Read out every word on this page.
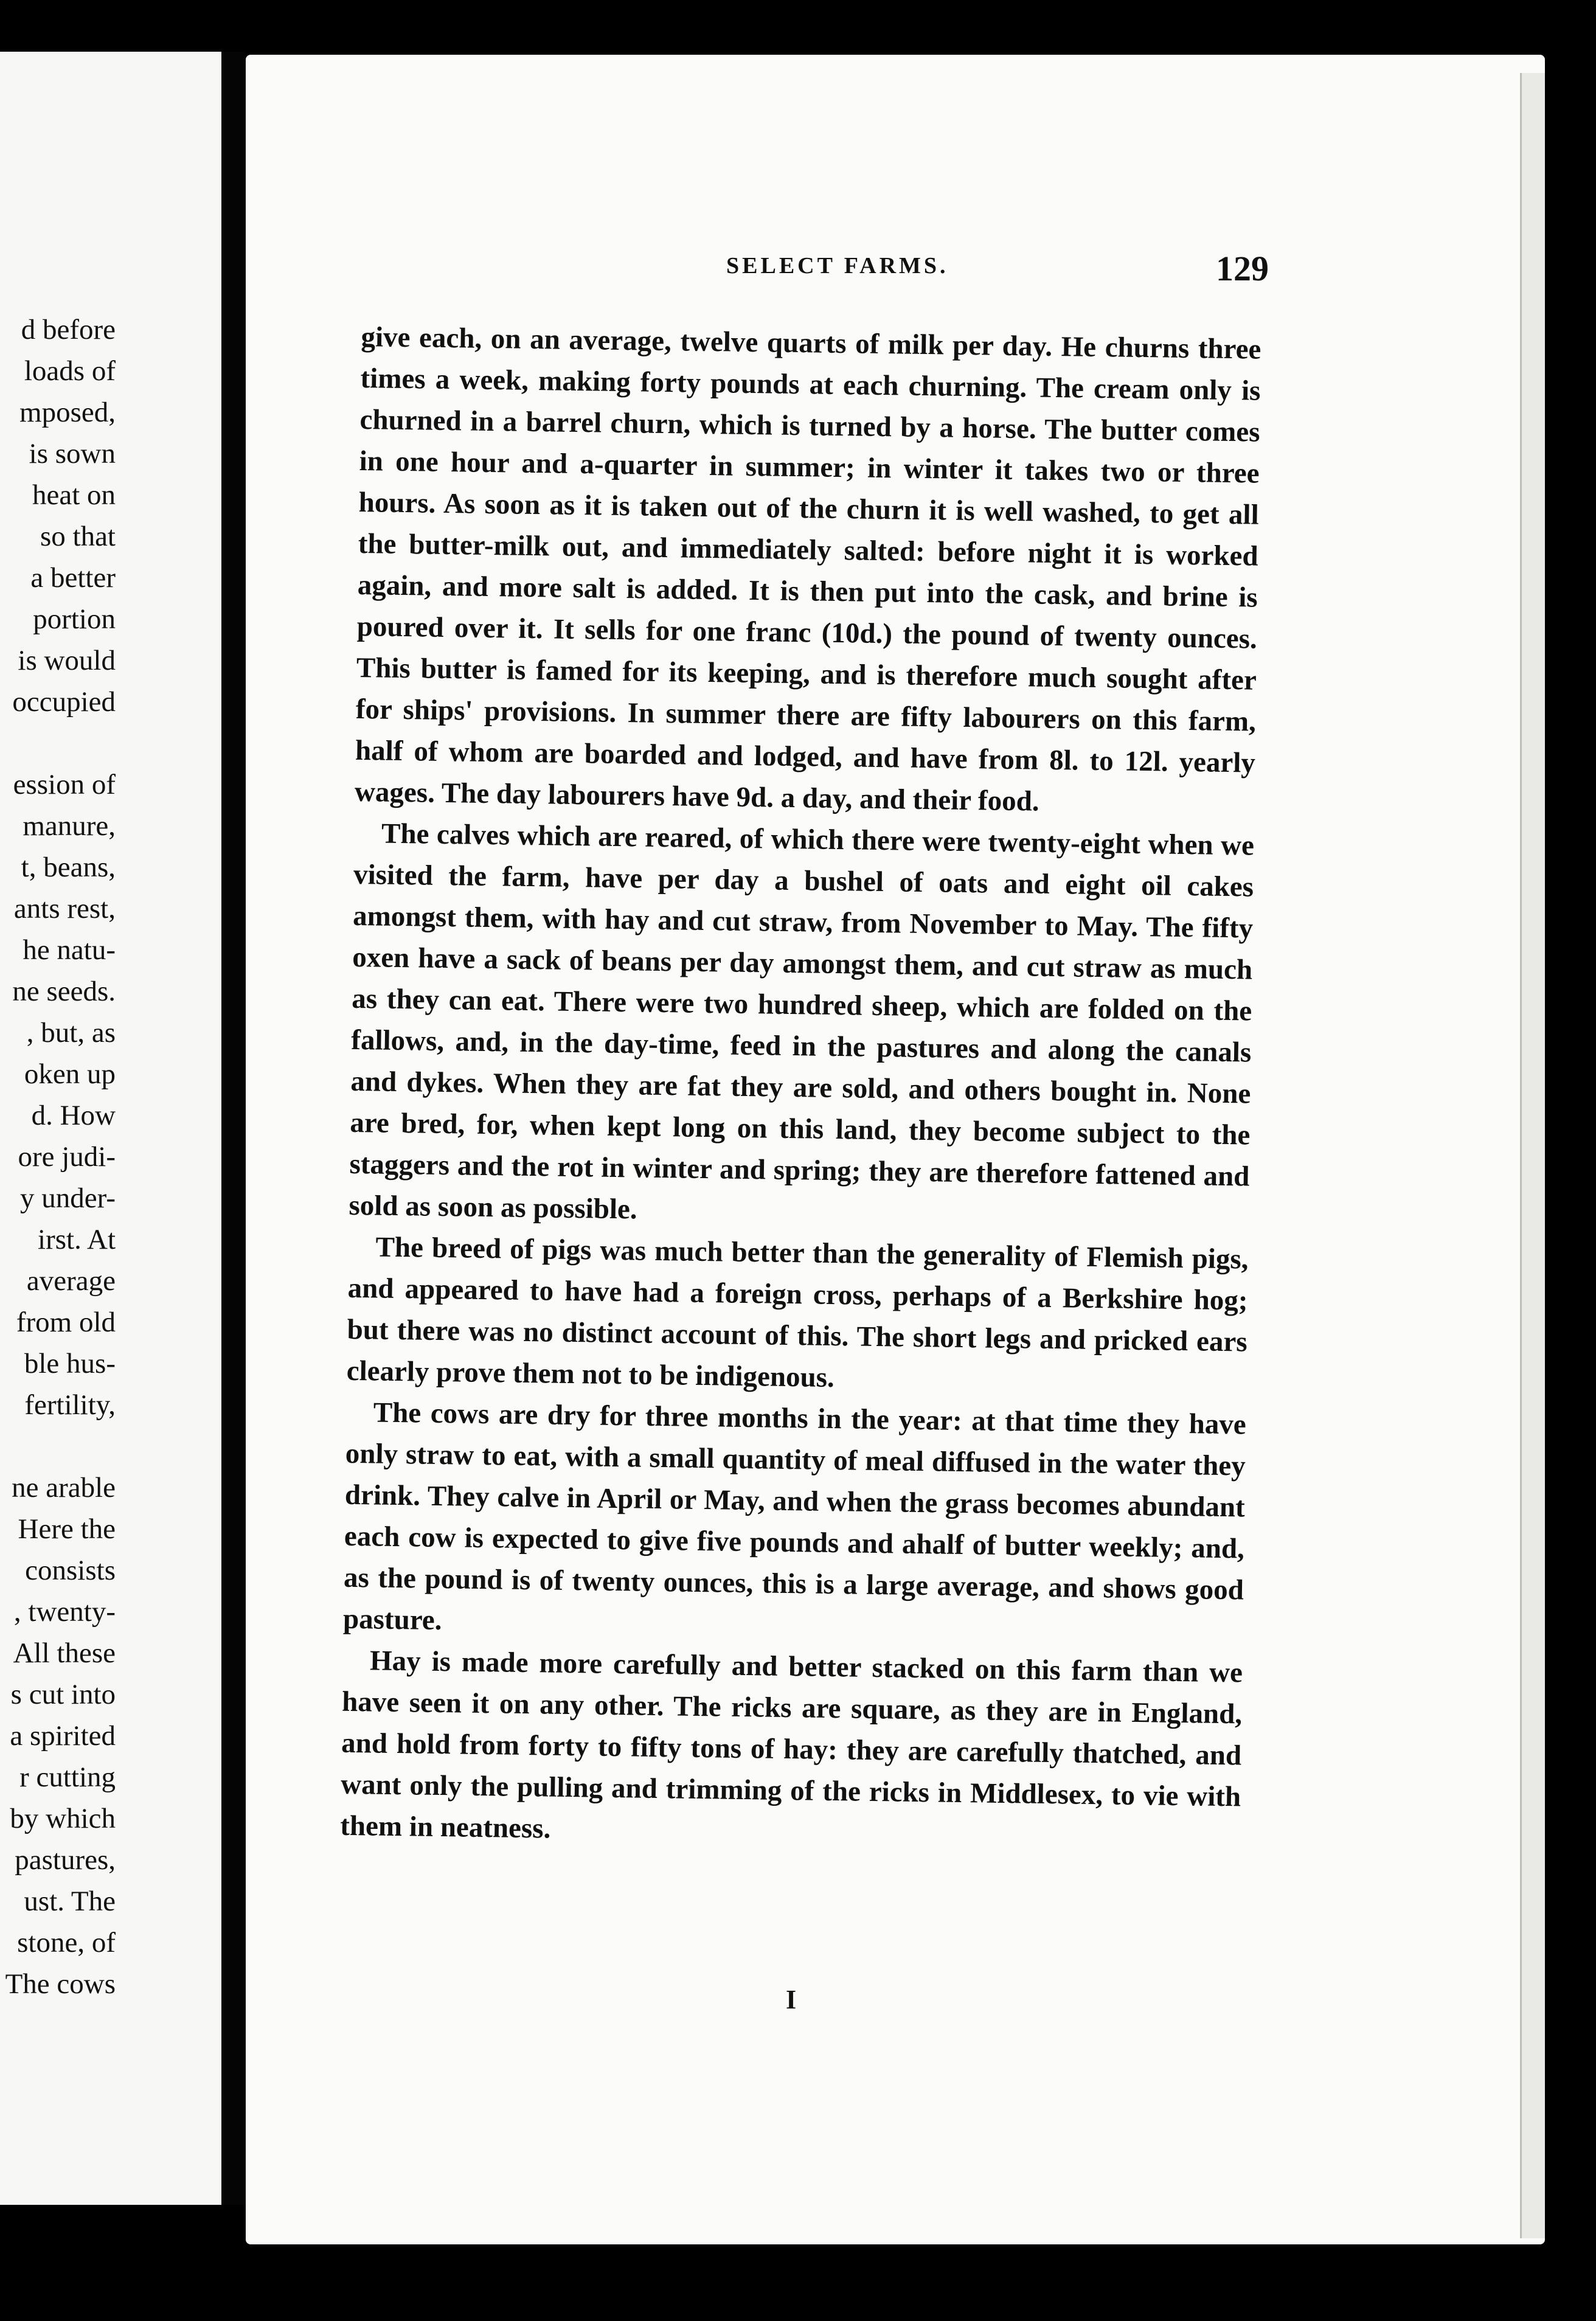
d before
loads of
mposed,
is sown
heat on
so that
a better
portion
is would
occupied
ession of
manure,
t, beans,
ants rest,
he natu-
ne seeds.
, but, as
oken up
d. How
ore judi-
y under-
irst. At
average
from old
ble hus-
fertility,
ne arable
Here the
consists
, twenty-
All these
s cut into
a spirited
r cutting
by which
pastures,
ust. The
stone, of
The cows
SELECT FARMS.	129

give each, on an average, twelve quarts of milk per day. He churns three times a week, making forty pounds at each churning. The cream only is churned in a barrel churn, which is turned by a horse. The butter comes in one hour and a-quarter in summer; in winter it takes two or three hours. As soon as it is taken out of the churn it is well washed, to get all the butter-milk out, and immediately salted: before night it is worked again, and more salt is added. It is then put into the cask, and brine is poured over it. It sells for one franc (10d.) the pound of twenty ounces. This butter is famed for its keeping, and is therefore much sought after for ships' provisions. In summer there are fifty labourers on this farm, half of whom are boarded and lodged, and have from 8l. to 12l. yearly wages. The day labourers have 9d. a day, and their food.

The calves which are reared, of which there were twenty-eight when we visited the farm, have per day a bushel of oats and eight oil cakes amongst them, with hay and cut straw, from November to May. The fifty oxen have a sack of beans per day amongst them, and cut straw as much as they can eat. There were two hundred sheep, which are folded on the fallows, and, in the day-time, feed in the pastures and along the canals and dykes. When they are fat they are sold, and others bought in. None are bred, for, when kept long on this land, they become subject to the staggers and the rot in winter and spring; they are therefore fattened and sold as soon as possible.

The breed of pigs was much better than the generality of Flemish pigs, and appeared to have had a foreign cross, perhaps of a Berkshire hog; but there was no distinct account of this. The short legs and pricked ears clearly prove them not to be indigenous.

The cows are dry for three months in the year: at that time they have only straw to eat, with a small quantity of meal diffused in the water they drink. They calve in April or May, and when the grass becomes abundant each cow is expected to give five pounds and ahalf of butter weekly; and, as the pound is of twenty ounces, this is a large average, and shows good pasture.

Hay is made more carefully and better stacked on this farm than we have seen it on any other. The ricks are square, as they are in England, and hold from forty to fifty tons of hay: they are carefully thatched, and want only the pulling and trimming of the ricks in Middlesex, to vie with them in neatness.

I
